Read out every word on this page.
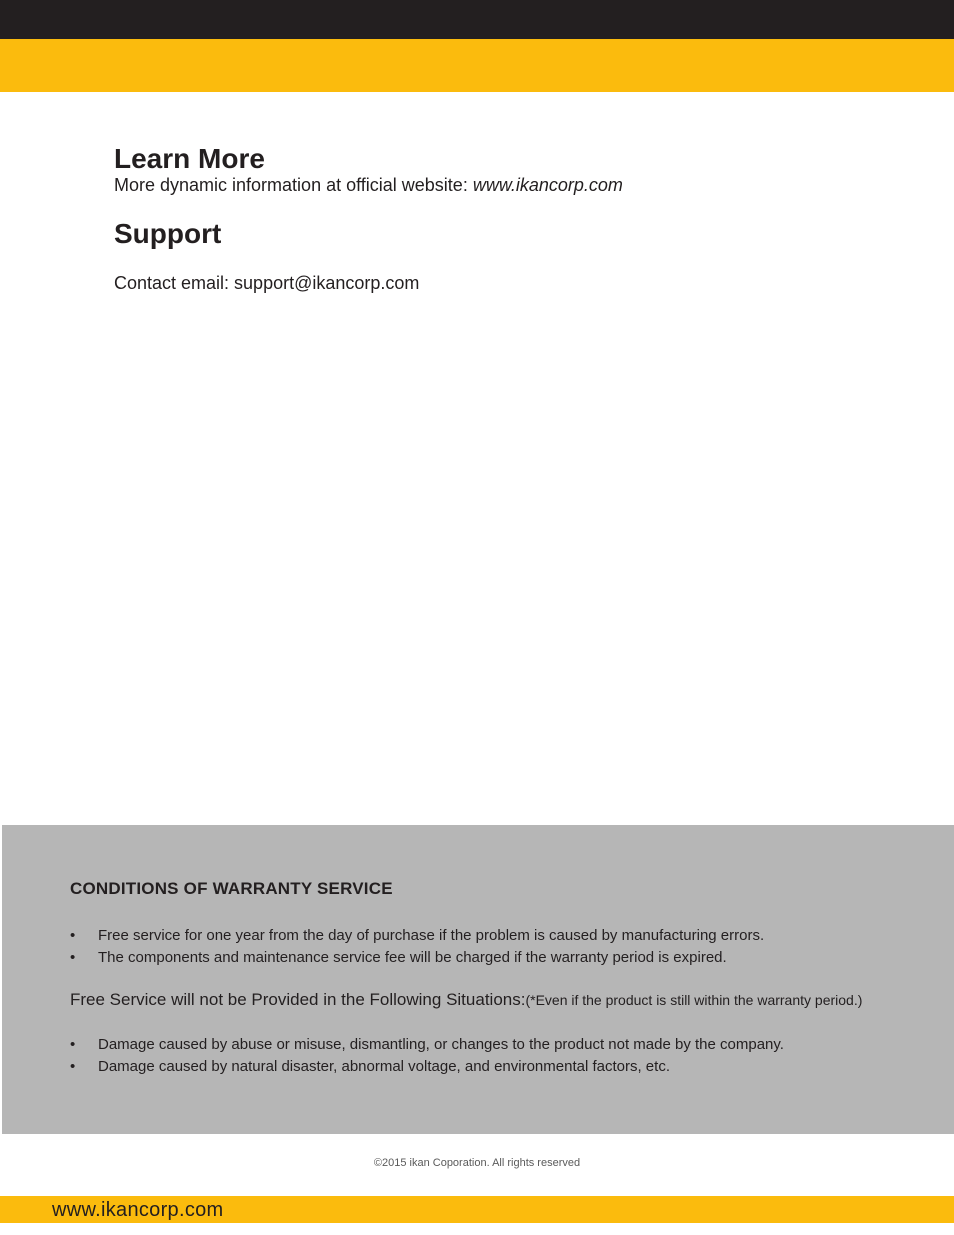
Learn More

More dynamic information at official website: www.ikancorp.com

Support

Contact email: support@ikancorp.com

CONDITIONS OF WARRANTY SERVICE
• Free service for one year from the day of purchase if the problem is caused by manufacturing errors.
• The components and maintenance service fee will be charged if the warranty period is expired.

Free Service will not be Provided in the Following Situations:(*Even if the product is still within the warranty period.)

• Damage caused by abuse or misuse, dismantling, or changes to the product not made by the company.
• Damage caused by natural disaster, abnormal voltage, and environmental factors, etc.
©2015 ikan Coporation. All rights reserved
www.ikancorp.com
